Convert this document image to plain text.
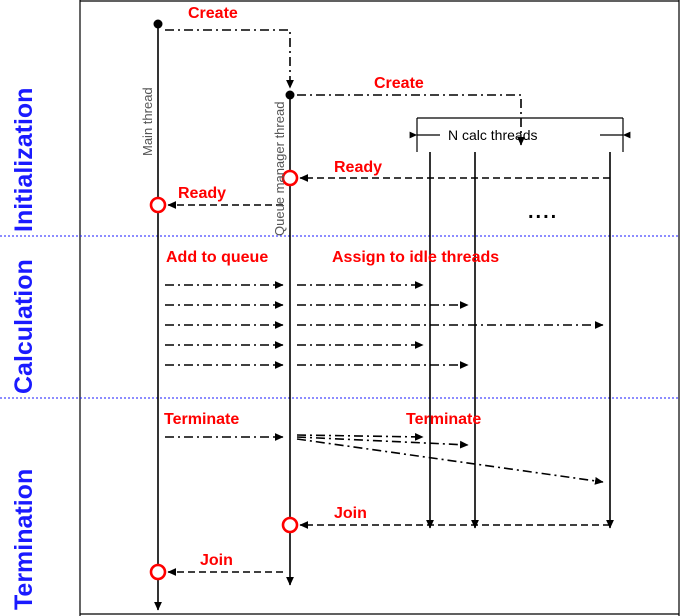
Initialization
Calculation
Termination
Main thread	Queue manager thread	N calc threads
....
Create
Create
Ready
Ready
Add to queue	Assign to idle threads
Terminate	Terminate
Join
Join
